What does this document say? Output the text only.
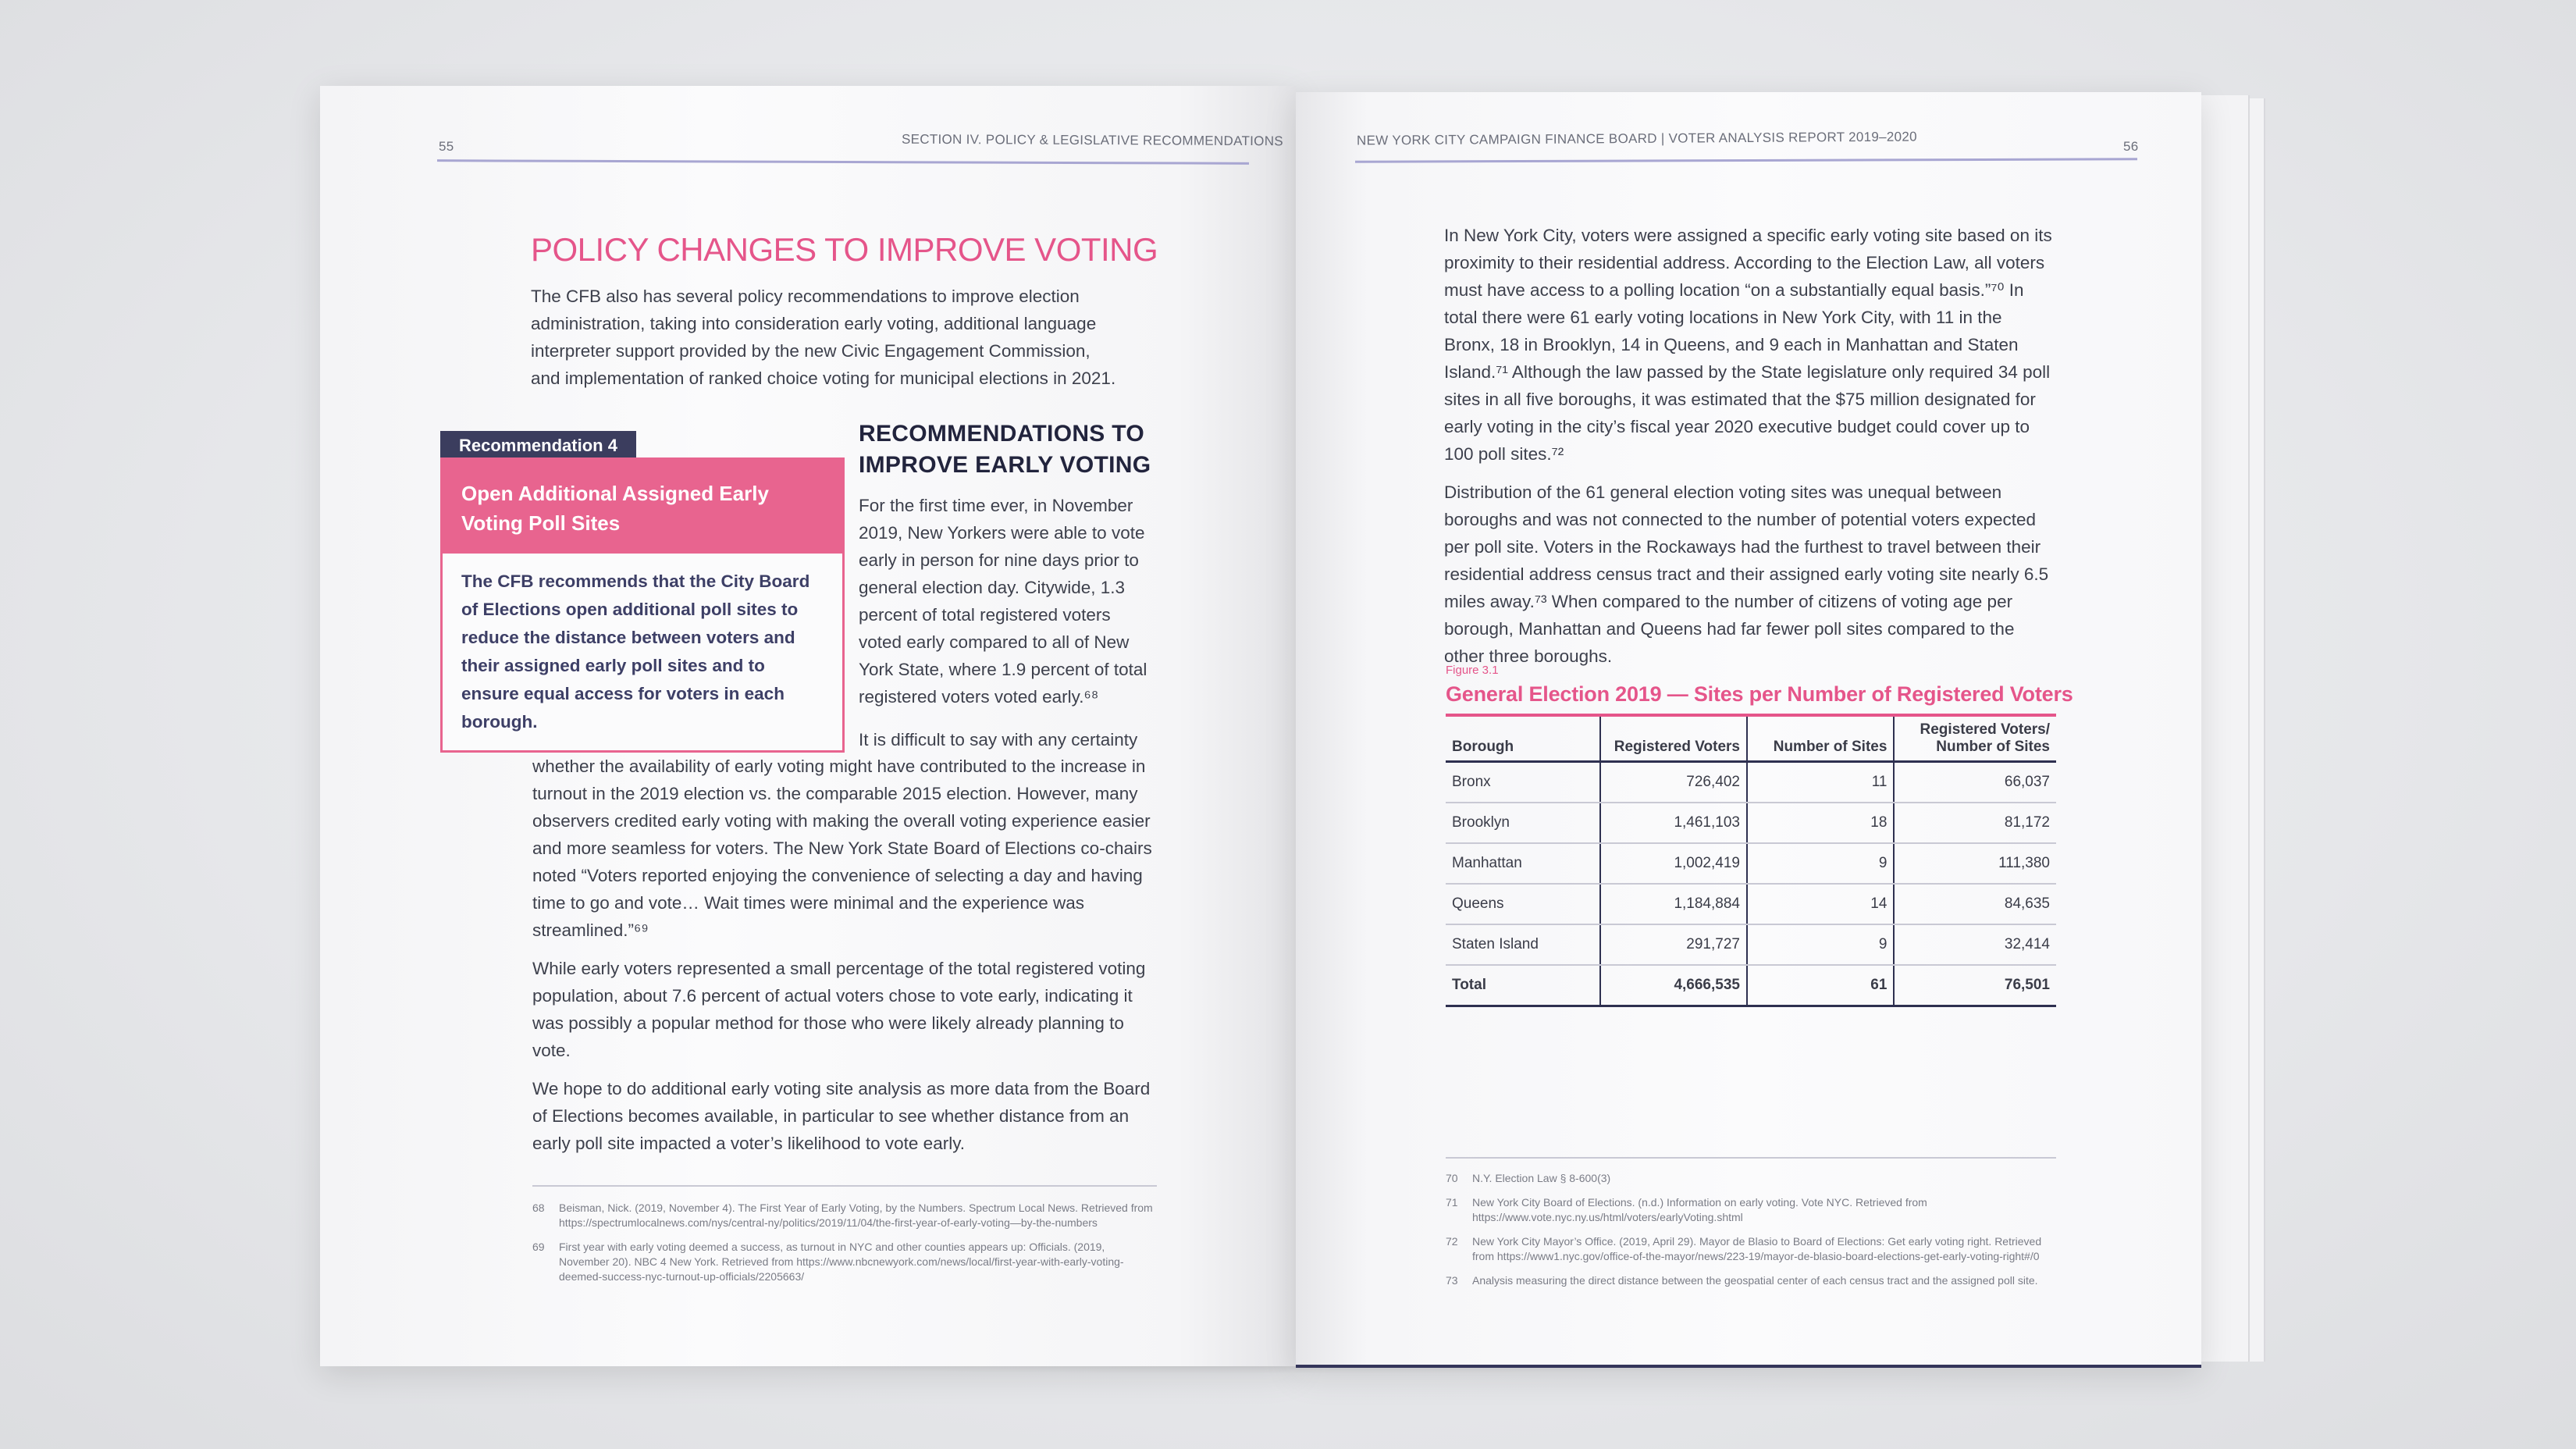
55	SECTION IV. POLICY & LEGISLATIVE RECOMMENDATIONS
POLICY CHANGES TO IMPROVE VOTING
The CFB also has several policy recommendations to improve election administration, taking into consideration early voting, additional language interpreter support provided by the new Civic Engagement Commission, and implementation of ranked choice voting for municipal elections in 2021.
Recommendation 4
Open Additional Assigned Early Voting Poll Sites
The CFB recommends that the City Board of Elections open additional poll sites to reduce the distance between voters and their assigned early poll sites and to ensure equal access for voters in each borough.
RECOMMENDATIONS TO IMPROVE EARLY VOTING
For the first time ever, in November 2019, New Yorkers were able to vote early in person for nine days prior to general election day. Citywide, 1.3 percent of total registered voters voted early compared to all of New York State, where 1.9 percent of total registered voters voted early.⁶⁸
It is difficult to say with any certainty

whether the availability of early voting might have contributed to the increase in turnout in the 2019 election vs. the comparable 2015 election. However, many observers credited early voting with making the overall voting experience easier and more seamless for voters. The New York State Board of Elections co-chairs noted “Voters reported enjoying the convenience of selecting a day and having time to go and vote… Wait times were minimal and the experience was streamlined.”⁶⁹

While early voters represented a small percentage of the total registered voting population, about 7.6 percent of actual voters chose to vote early, indicating it was possibly a popular method for those who were likely already planning to vote.

We hope to do additional early voting site analysis as more data from the Board of Elections becomes available, in particular to see whether distance from an early poll site impacted a voter’s likelihood to vote early.

68	Beisman, Nick. (2019, November 4). The First Year of Early Voting, by the Numbers. Spectrum Local News. Retrieved from https://spectrumlocalnews.com/nys/central-ny/politics/2019/11/04/the-first-year-of-early-voting—by-the-numbers
69	First year with early voting deemed a success, as turnout in NYC and other counties appears up: Officials. (2019, November 20). NBC 4 New York. Retrieved from https://www.nbcnewyork.com/news/local/first-year-with-early-voting-deemed-success-nyc-turnout-up-officials/2205663/
NEW YORK CITY CAMPAIGN FINANCE BOARD | VOTER ANALYSIS REPORT 2019–2020	56

In New York City, voters were assigned a specific early voting site based on its proximity to their residential address. According to the Election Law, all voters must have access to a polling location “on a substantially equal basis.”⁷⁰ In total there were 61 early voting locations in New York City, with 11 in the Bronx, 18 in Brooklyn, 14 in Queens, and 9 each in Manhattan and Staten Island.⁷¹ Although the law passed by the State legislature only required 34 poll sites in all five boroughs, it was estimated that the $75 million designated for early voting in the city’s fiscal year 2020 executive budget could cover up to 100 poll sites.⁷²

Distribution of the 61 general election voting sites was unequal between boroughs and was not connected to the number of potential voters expected per poll site. Voters in the Rockaways had the furthest to travel between their residential address census tract and their assigned early voting site nearly 6.5 miles away.⁷³ When compared to the number of citizens of voting age per borough, Manhattan and Queens had far fewer poll sites compared to the other three boroughs.

Figure 3.1
General Election 2019 — Sites per Number of Registered Voters
Borough	Registered Voters	Number of Sites	Registered Voters/ Number of Sites
Bronx	726,402	11	66,037
Brooklyn	1,461,103	18	81,172
Manhattan	1,002,419	9	111,380
Queens	1,184,884	14	84,635
Staten Island	291,727	9	32,414
Total	4,666,535	61	76,501
70	N.Y. Election Law § 8-600(3)
71	New York City Board of Elections. (n.d.) Information on early voting. Vote NYC. Retrieved from https://www.vote.nyc.ny.us/html/voters/earlyVoting.shtml
72	New York City Mayor’s Office. (2019, April 29). Mayor de Blasio to Board of Elections: Get early voting right. Retrieved from https://www1.nyc.gov/office-of-the-mayor/news/223-19/mayor-de-blasio-board-elections-get-early-voting-right#/0
73	Analysis measuring the direct distance between the geospatial center of each census tract and the assigned poll site.
